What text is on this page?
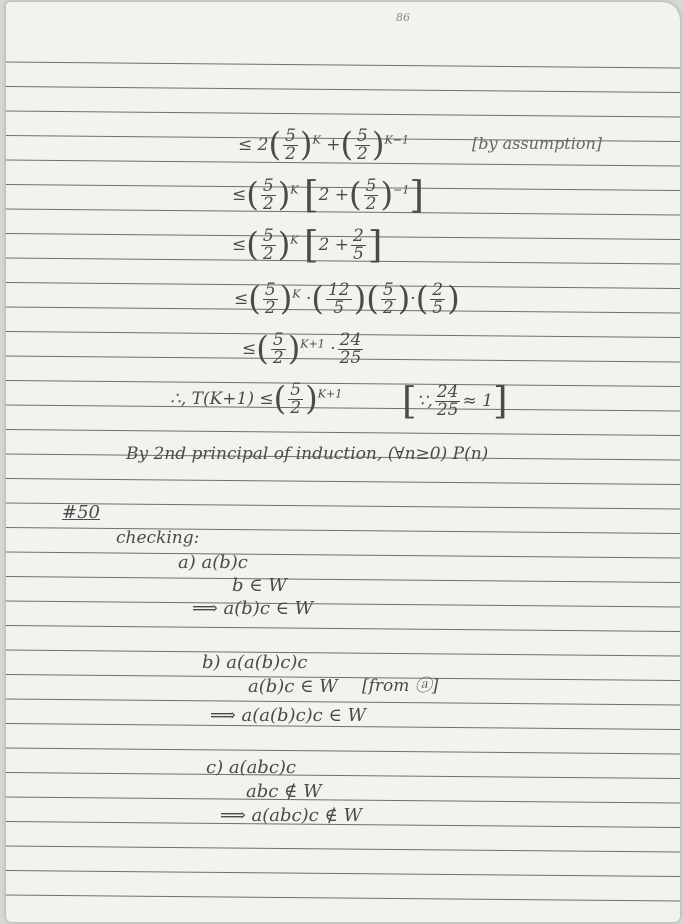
86
≤ $2( \frac{5}{2} )^K$ +( $\frac{5}{2} )^{K-1}$	[by assumption]
≤( $\frac{5}{2} )^K$ [2 +( $\frac{5}{2} )^{-1}$]
≤( $\frac{5}{2} )^K$ [$2 + \frac{2}{5}$ ]
≤( $\frac{5}{2} )^K$ ·( $\frac{12}{5}$ )( $\frac{5}{2}$ )·( $\frac{2}{5}$ )
≤( $\frac{5}{2} )^{K+1} \cdot \frac{24}{25}$
∴, T(K+1) ≤( $\frac{5}{2} )^{K+1}$ [∵, $\frac{24}{25} \approx 1$]
By 2nd principal of induction, (∀n≥0) P(n)
#50
checking:
a) a(b)c
b ∈ W
⟹ a(b)c ∈ W
b) a(a(b)c)c
a(b)c ∈ W [from ⓐ]
⟹ a(a(b)c)c ∈ W
c) a(abc)c
abc ∉ W
⟹ a(abc)c ∉ W
